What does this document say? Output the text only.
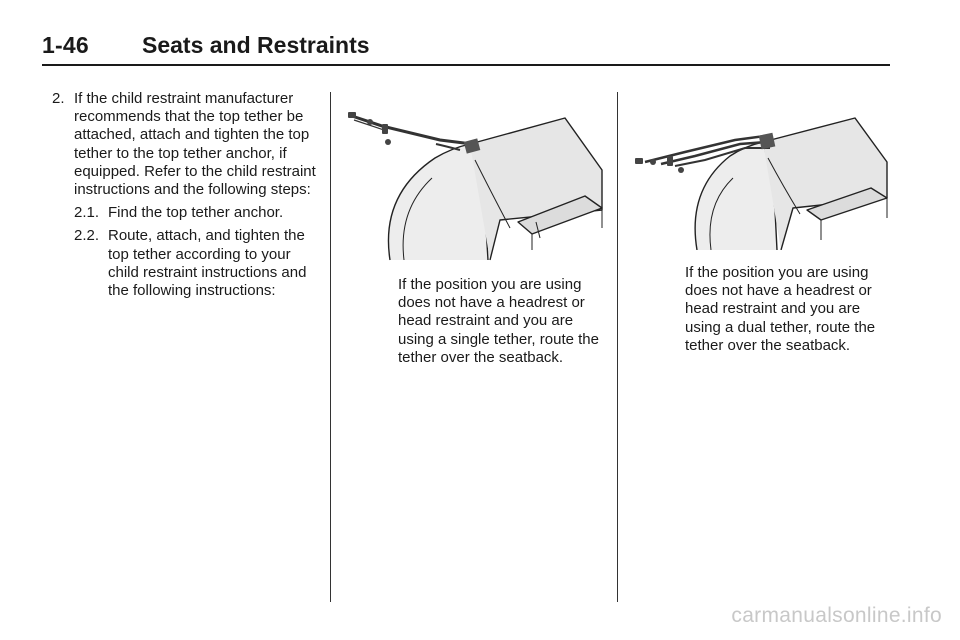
1-46 Seats and Restraints
2. If the child restraint manufacturer recommends that the top tether be attached, attach and tighten the top tether to the top tether anchor, if equipped. Refer to the child restraint instructions and the following steps:
2.1. Find the top tether anchor.
2.2. Route, attach, and tighten the top tether according to your child restraint instructions and the following instructions:	If the position you are using does not have a headrest or head restraint and you are using a single tether, route the tether over the seatback.
If the position you are using does not have a headrest or head restraint and you are using a dual tether, route the tether over the seatback.
carmanualsonline.info
